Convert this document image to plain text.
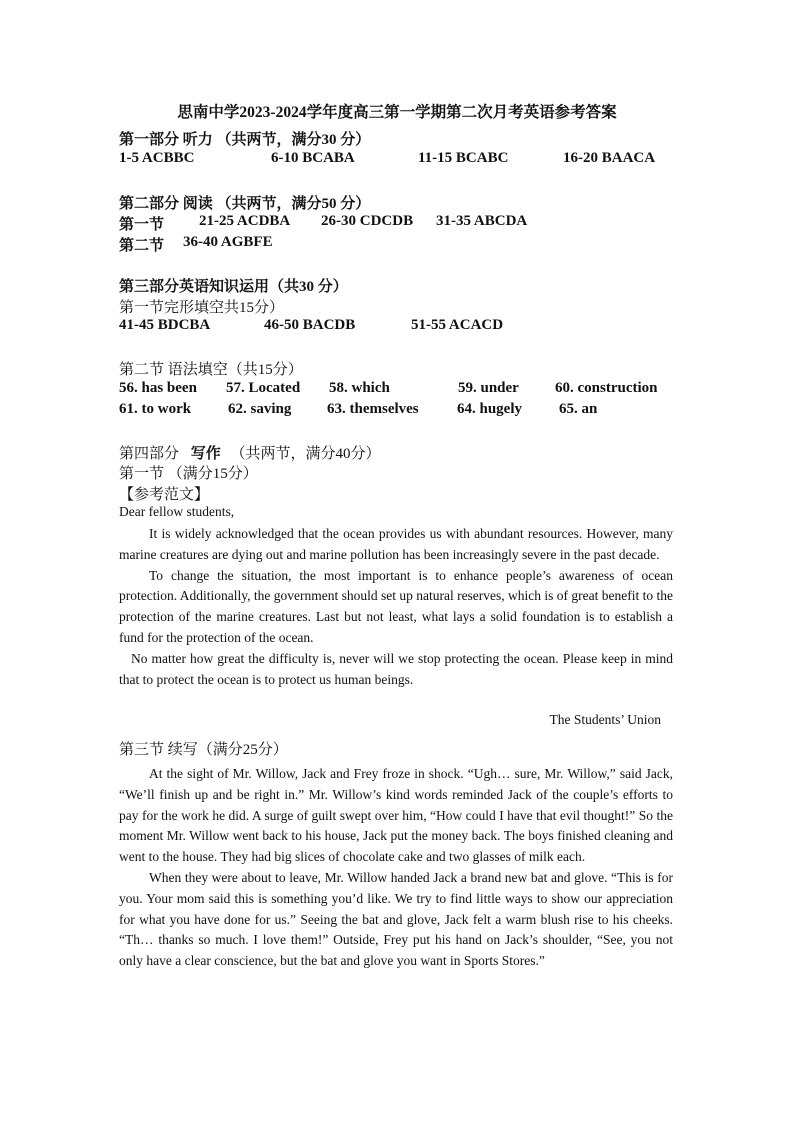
思南中学2023-2024学年度高三第一学期第二次月考英语参考答案
第一部分 听力 （共两节，满分30 分）
1-5 ACBBC	6-10 BCABA	11-15 BCABC	16-20 BAACA
第二部分 阅读 （共两节，满分50 分）
第一节 21-25 ACDBA 26-30 CDCDB 31-35 ABCDA
第二节 36-40 AGBFE
第三部分英语知识运用（共30 分）
第一节完形填空共15分）
41-45 BDCBA	46-50 BACDB	51-55 ACACD
第二节 语法填空（共15分）
56. has been 57. Located 58. which	59. under 60. construction
61. to work 62. saving 63. themselves	64. hugely 65. an
第四部分 写作 （共两节，满分40分）
第一节 （满分15分）
【参考范文】
Dear fellow students,

It is widely acknowledged that the ocean provides us with abundant resources. However, many marine creatures are dying out and marine pollution has been increasingly severe in the past decade.

To change the situation, the most important is to enhance people’s awareness of ocean protection. Additionally, the government should set up natural reserves, which is of great benefit to the protection of the marine creatures. Last but not least, what lays a solid foundation is to establish a fund for the protection of the ocean.

No matter how great the difficulty is, never will we stop protecting the ocean. Please keep in mind that to protect the ocean is to protect us human beings.

The Students’ Union
第三节 续写（满分25分）

At the sight of Mr. Willow, Jack and Frey froze in shock. “Ugh… sure, Mr. Willow,” said Jack, “We’ll finish up and be right in.” Mr. Willow’s kind words reminded Jack of the couple’s efforts to pay for the work he did. A surge of guilt swept over him, “How could I have that evil thought!” So the moment Mr. Willow went back to his house, Jack put the money back. The boys finished cleaning and went to the house. They had big slices of chocolate cake and two glasses of milk each.

When they were about to leave, Mr. Willow handed Jack a brand new bat and glove. “This is for you. Your mom said this is something you’d like. We try to find little ways to show our appreciation for what you have done for us.” Seeing the bat and glove, Jack felt a warm blush rise to his cheeks. “Th… thanks so much. I love them!” Outside, Frey put his hand on Jack’s shoulder, “See, you not only have a clear conscience, but the bat and glove you want in Sports Stores.”
